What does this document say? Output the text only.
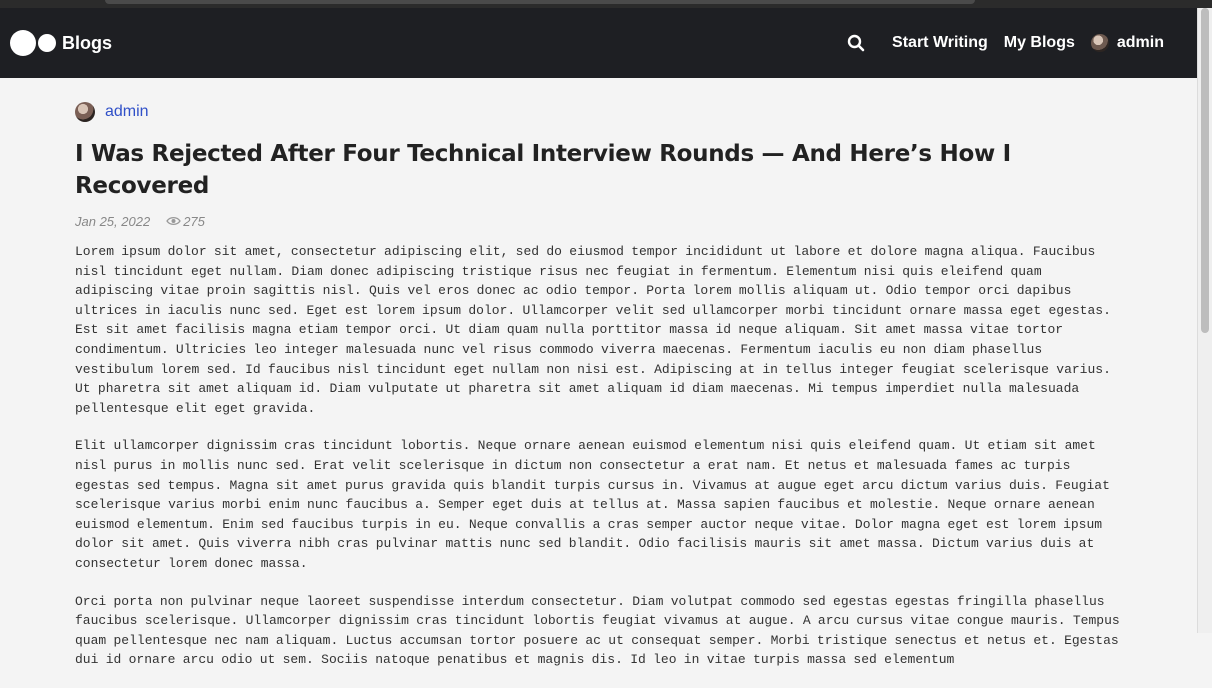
Blogs	Start Writing My Blogs	admin
admin
I Was Rejected After Four Technical Interview Rounds — And Here’s How I Recovered
Jan 25, 2022	275

Lorem ipsum dolor sit amet, consectetur adipiscing elit, sed do eiusmod tempor incididunt ut labore et dolore magna aliqua. Faucibus nisl tincidunt eget nullam. Diam donec adipiscing tristique risus nec feugiat in fermentum. Elementum nisi quis eleifend quam adipiscing vitae proin sagittis nisl. Quis vel eros donec ac odio tempor. Porta lorem mollis aliquam ut. Odio tempor orci dapibus ultrices in iaculis nunc sed. Eget est lorem ipsum dolor. Ullamcorper velit sed ullamcorper morbi tincidunt ornare massa eget egestas. Est sit amet facilisis magna etiam tempor orci. Ut diam quam nulla porttitor massa id neque aliquam. Sit amet massa vitae tortor condimentum. Ultricies leo integer malesuada nunc vel risus commodo viverra maecenas. Fermentum iaculis eu non diam phasellus vestibulum lorem sed. Id faucibus nisl tincidunt eget nullam non nisi est. Adipiscing at in tellus integer feugiat scelerisque varius. Ut pharetra sit amet aliquam id. Diam vulputate ut pharetra sit amet aliquam id diam maecenas. Mi tempus imperdiet nulla malesuada pellentesque elit eget gravida.

Elit ullamcorper dignissim cras tincidunt lobortis. Neque ornare aenean euismod elementum nisi quis eleifend quam. Ut etiam sit amet nisl purus in mollis nunc sed. Erat velit scelerisque in dictum non consectetur a erat nam. Et netus et malesuada fames ac turpis egestas sed tempus. Magna sit amet purus gravida quis blandit turpis cursus in. Vivamus at augue eget arcu dictum varius duis. Feugiat scelerisque varius morbi enim nunc faucibus a. Semper eget duis at tellus at. Massa sapien faucibus et molestie. Neque ornare aenean euismod elementum. Enim sed faucibus turpis in eu. Neque convallis a cras semper auctor neque vitae. Dolor magna eget est lorem ipsum dolor sit amet. Quis viverra nibh cras pulvinar mattis nunc sed blandit. Odio facilisis mauris sit amet massa. Dictum varius duis at consectetur lorem donec massa.

Orci porta non pulvinar neque laoreet suspendisse interdum consectetur. Diam volutpat commodo sed egestas egestas fringilla phasellus faucibus scelerisque. Ullamcorper dignissim cras tincidunt lobortis feugiat vivamus at augue. A arcu cursus vitae congue mauris. Tempus quam pellentesque nec nam aliquam. Luctus accumsan tortor posuere ac ut consequat semper. Morbi tristique senectus et netus et. Egestas dui id ornare arcu odio ut sem. Sociis natoque penatibus et magnis dis. Id leo in vitae turpis massa sed elementum
